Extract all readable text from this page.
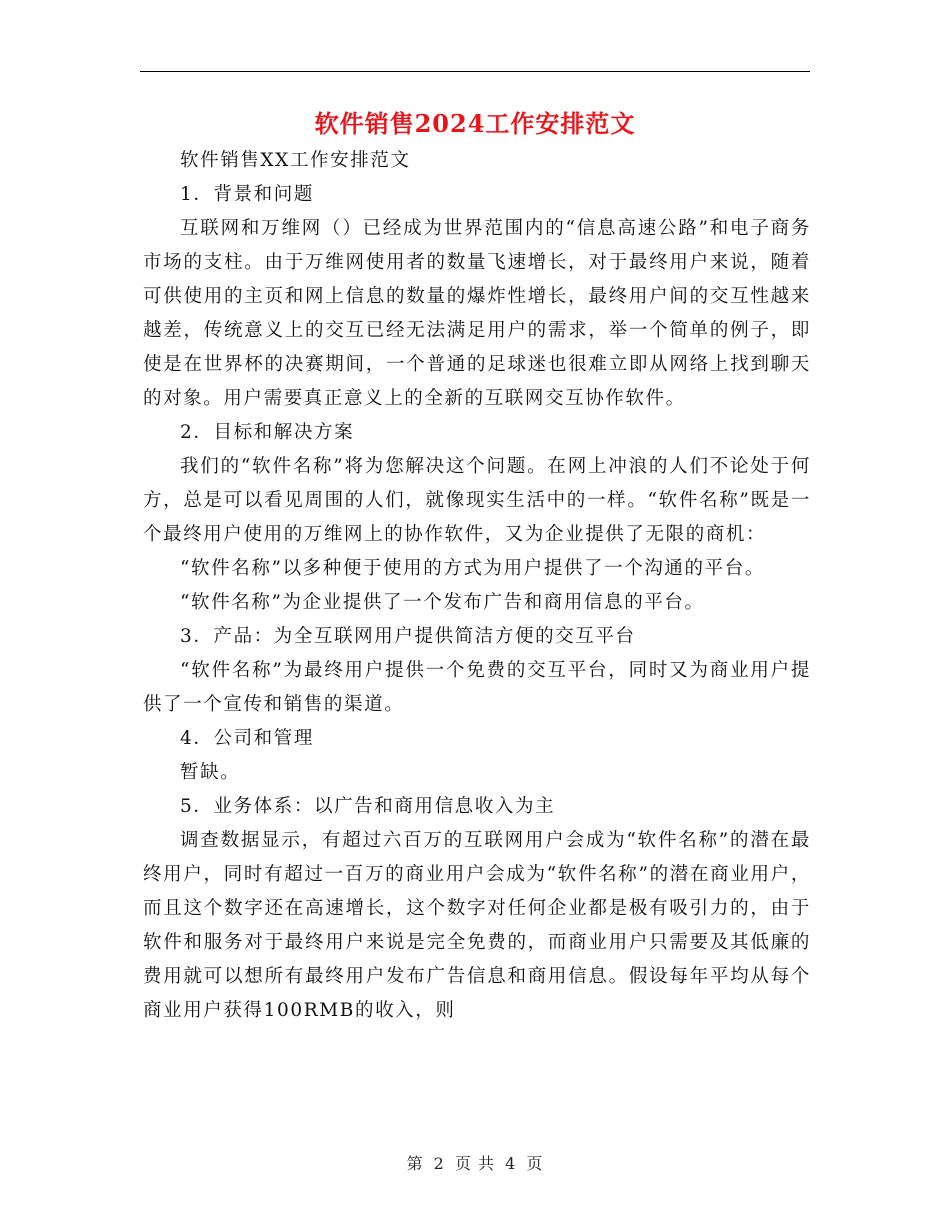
软件销售2024工作安排范文

软件销售XX工作安排范文

1．背景和问题

互联网和万维网（）已经成为世界范围内的“信息高速公路”和电子商务市场的支柱。由于万维网使用者的数量飞速增长，对于最终用户来说，随着可供使用的主页和网上信息的数量的爆炸性增长，最终用户间的交互性越来越差，传统意义上的交互已经无法满足用户的需求，举一个简单的例子，即使是在世界杯的决赛期间，一个普通的足球迷也很难立即从网络上找到聊天的对象。用户需要真正意义上的全新的互联网交互协作软件。

2．目标和解决方案

我们的“软件名称”将为您解决这个问题。在网上冲浪的人们不论处于何方，总是可以看见周围的人们，就像现实生活中的一样。“软件名称”既是一个最终用户使用的万维网上的协作软件，又为企业提供了无限的商机：

“软件名称”以多种便于使用的方式为用户提供了一个沟通的平台。

“软件名称”为企业提供了一个发布广告和商用信息的平台。

3．产品：为全互联网用户提供简洁方便的交互平台

“软件名称”为最终用户提供一个免费的交互平台，同时又为商业用户提供了一个宣传和销售的渠道。

4．公司和管理

暂缺。

5．业务体系：以广告和商用信息收入为主

调查数据显示，有超过六百万的互联网用户会成为“软件名称”的潜在最终用户，同时有超过一百万的商业用户会成为“软件名称”的潜在商业用户，而且这个数字还在高速增长，这个数字对任何企业都是极有吸引力的，由于软件和服务对于最终用户来说是完全免费的，而商业用户只需要及其低廉的费用就可以想所有最终用户发布广告信息和商用信息。假设每年平均从每个商业用户获得100RMB的收入，则

第 2 页 共 4 页
